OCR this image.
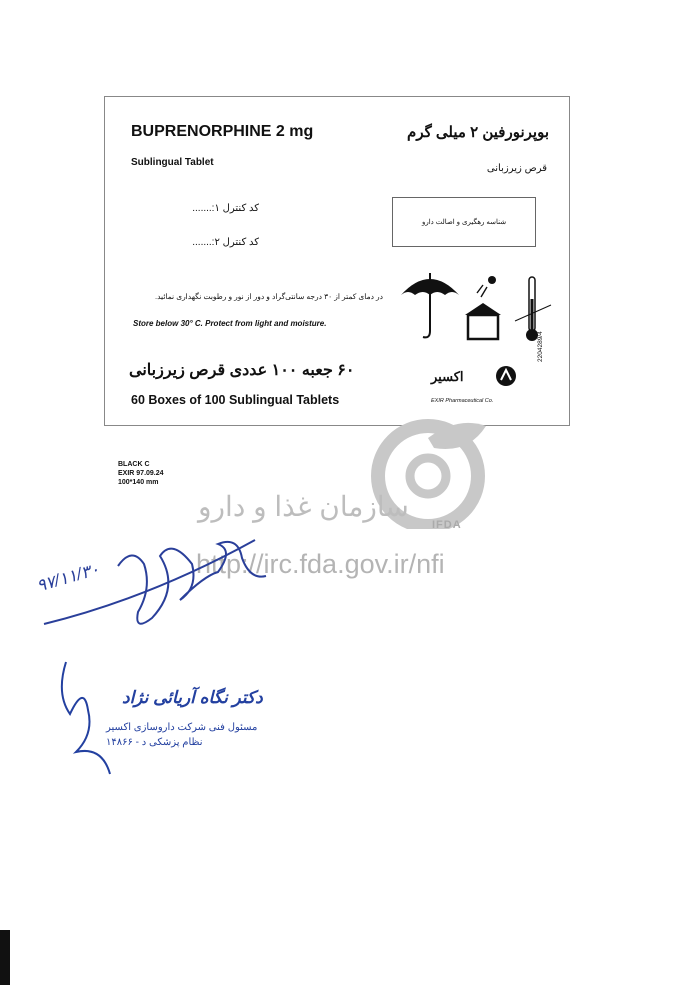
BUPRENORPHINE 2 mg	بوپرنورفین ۲ میلی گرم
Sublingual Tablet
قرص زیرزبانی
کد کنترل ۱:.......
کد کنترل ۲:.......
شناسه رهگیری و اصالت دارو
در دمای کمتر از ۳۰ درجه سانتی‌گراد و دور از نور و رطوبت نگهداری نمائید.
Store below 30° C. Protect from light and moisture.
۶۰ جعبه ۱۰۰ عددی قرص زیرزبانی
60 Boxes of 100 Sublingual Tablets
اکسیر
EXIR Pharmaceutical Co.
2204289/4
BLACK C
EXIR 97.09.24
100*140 mm
IFDA
سازمان غذا و دارو
http://irc.fda.gov.ir/nfi
۹۷/۱۱/۳۰
دکتر نگاه آریائی نژاد
مسئول فنی شرکت داروسازی اکسیر
نظام پزشکی د - ۱۴۸۶۶
